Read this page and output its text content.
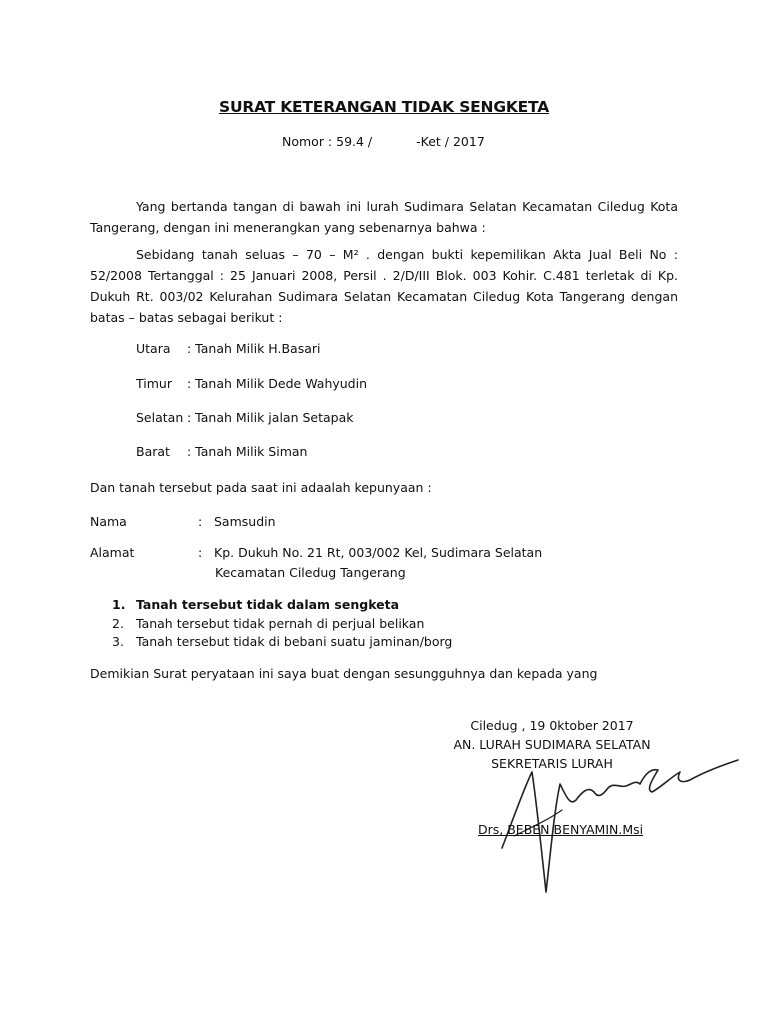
SURAT KETERANGAN TIDAK SENGKETA
Nomor : 59.4 /	-Ket / 2017
Yang bertanda tangan di bawah ini lurah Sudimara Selatan Kecamatan Ciledug Kota Tangerang, dengan ini menerangkan yang sebenarnya bahwa :
Sebidang tanah seluas – 70 – M² . dengan bukti kepemilikan Akta Jual Beli No : 52/2008 Tertanggal : 25 Januari 2008, Persil . 2/D/III Blok. 003 Kohir. C.481 terletak di Kp. Dukuh Rt. 003/02 Kelurahan Sudimara Selatan Kecamatan Ciledug Kota Tangerang dengan batas – batas sebagai berikut :
Utara : Tanah Milik H.Basari
Timur : Tanah Milik Dede Wahyudin
Selatan : Tanah Milik jalan Setapak
Barat : Tanah Milik Siman
Dan tanah tersebut pada saat ini adaalah kepunyaan :
Nama	: Samsudin
Alamat	: Kp. Dukuh No. 21 Rt, 003/002 Kel, Sudimara Selatan
Kecamatan Ciledug Tangerang
1. Tanah tersebut tidak dalam sengketa
2. Tanah tersebut tidak pernah di perjual belikan
3. Tanah tersebut tidak di bebani suatu jaminan/borg
Demikian Surat peryataan ini saya buat dengan sesungguhnya dan kepada yang
Ciledug , 19 0ktober 2017
AN. LURAH SUDIMARA SELATAN
SEKRETARIS LURAH
Drs, BEBEN BENYAMIN.Msi
